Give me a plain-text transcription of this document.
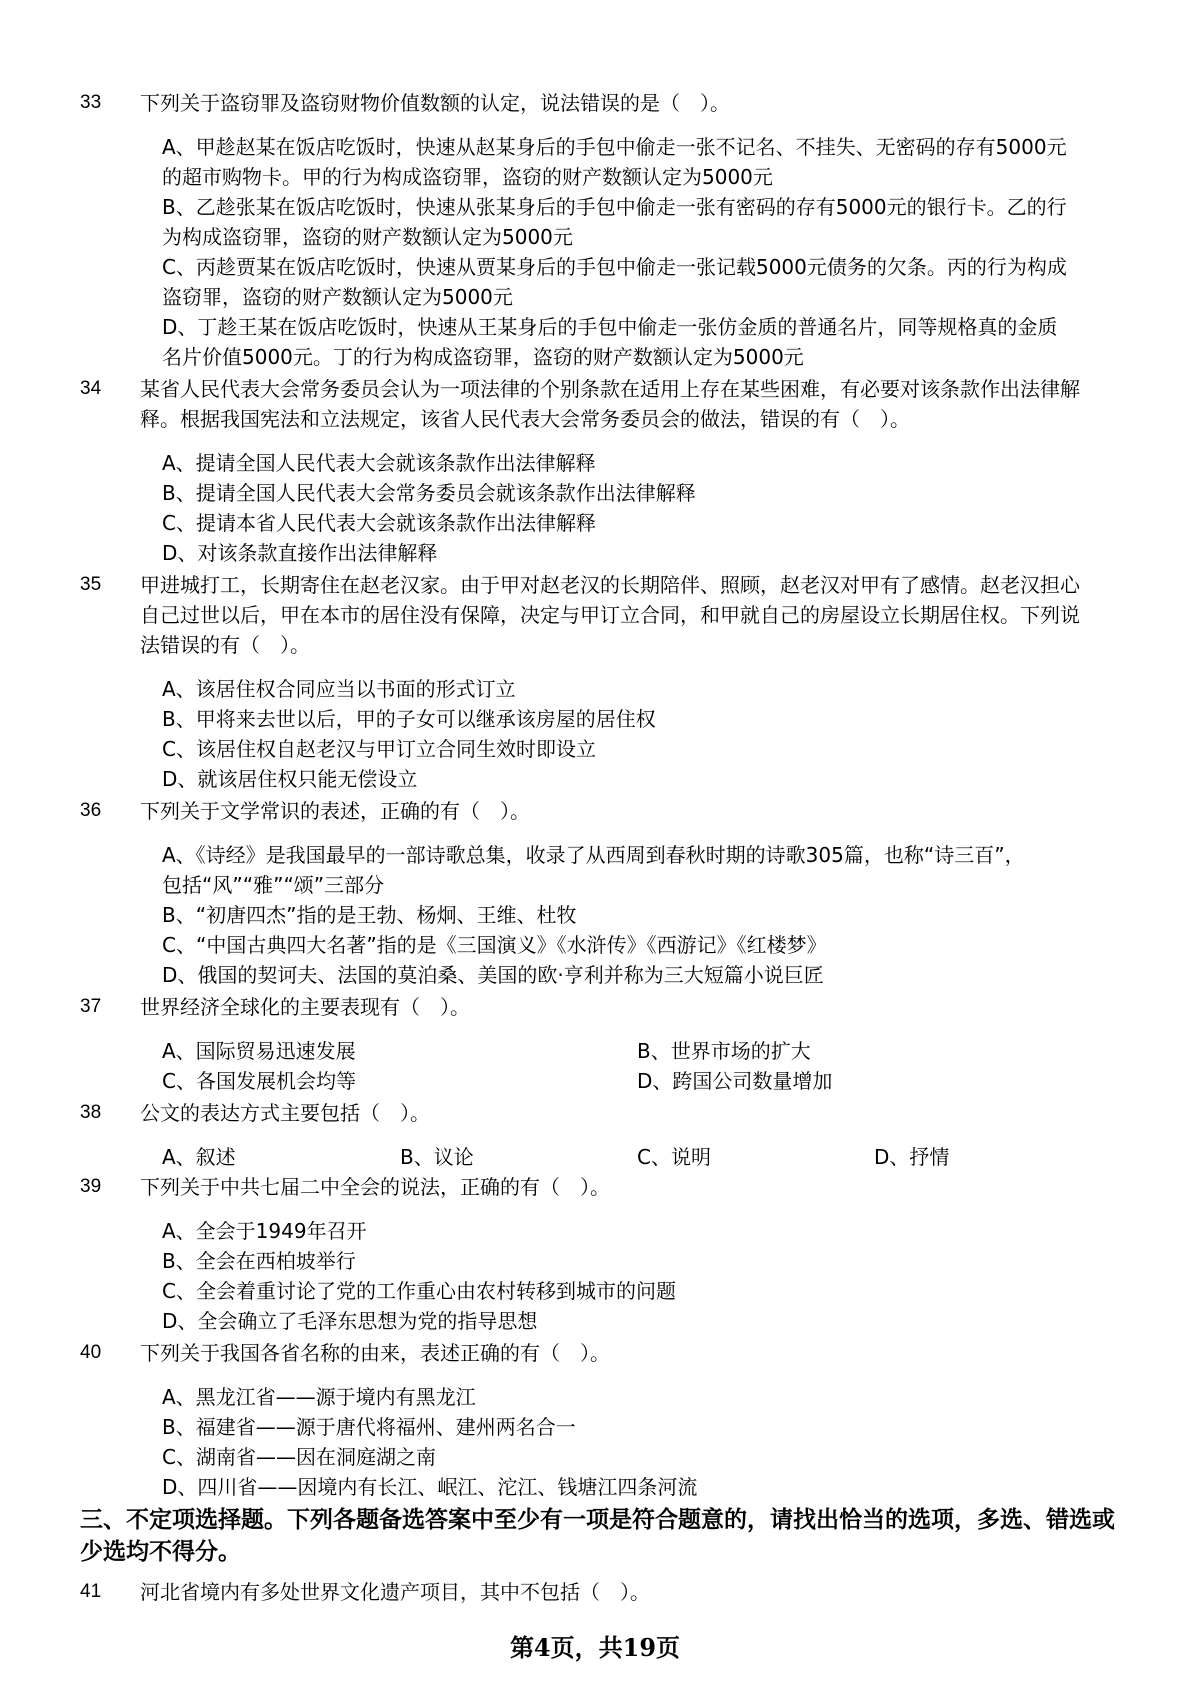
33 下列关于盗窃罪及盗窃财物价值数额的认定，说法错误的是（　）。
A、甲趁赵某在饭店吃饭时，快速从赵某身后的手包中偷走一张不记名、不挂失、无密码的存有5000元的超市购物卡。甲的行为构成盗窃罪，盗窃的财产数额认定为5000元
B、乙趁张某在饭店吃饭时，快速从张某身后的手包中偷走一张有密码的存有5000元的银行卡。乙的行为构成盗窃罪，盗窃的财产数额认定为5000元
C、丙趁贾某在饭店吃饭时，快速从贾某身后的手包中偷走一张记载5000元债务的欠条。丙的行为构成盗窃罪，盗窃的财产数额认定为5000元
D、丁趁王某在饭店吃饭时，快速从王某身后的手包中偷走一张仿金质的普通名片，同等规格真的金质名片价值5000元。丁的行为构成盗窃罪，盗窃的财产数额认定为5000元
34 某省人民代表大会常务委员会认为一项法律的个别条款在适用上存在某些困难，有必要对该条款作出法律解释。根据我国宪法和立法规定，该省人民代表大会常务委员会的做法，错误的有（　）。
A、提请全国人民代表大会就该条款作出法律解释
B、提请全国人民代表大会常务委员会就该条款作出法律解释
C、提请本省人民代表大会就该条款作出法律解释
D、对该条款直接作出法律解释
35 甲进城打工，长期寄住在赵老汉家。由于甲对赵老汉的长期陪伴、照顾，赵老汉对甲有了感情。赵老汉担心自己过世以后，甲在本市的居住没有保障，决定与甲订立合同，和甲就自己的房屋设立长期居住权。下列说法错误的有（　）。
A、该居住权合同应当以书面的形式订立
B、甲将来去世以后，甲的子女可以继承该房屋的居住权
C、该居住权自赵老汉与甲订立合同生效时即设立
D、就该居住权只能无偿设立
36 下列关于文学常识的表述，正确的有（　）。
A、《诗经》是我国最早的一部诗歌总集，收录了从西周到春秋时期的诗歌305篇，也称“诗三百”，包括“风”“雅”“颂”三部分
B、“初唐四杰”指的是王勃、杨炯、王维、杜牧
C、“中国古典四大名著”指的是《三国演义》《水浒传》《西游记》《红楼梦》
D、俄国的契诃夫、法国的莫泊桑、美国的欧·亨利并称为三大短篇小说巨匠
37 世界经济全球化的主要表现有（　）。
A、国际贸易迅速发展	B、世界市场的扩大
C、各国发展机会均等	D、跨国公司数量增加
38 公文的表达方式主要包括（　）。
A、叙述	B、议论	C、说明	D、抒情
39 下列关于中共七届二中全会的说法，正确的有（　）。
A、全会于1949年召开
B、全会在西柏坡举行
C、全会着重讨论了党的工作重心由农村转移到城市的问题
D、全会确立了毛泽东思想为党的指导思想
40 下列关于我国各省名称的由来，表述正确的有（　）。
A、黑龙江省——源于境内有黑龙江
B、福建省——源于唐代将福州、建州两名合一
C、湖南省——因在洞庭湖之南
D、四川省——因境内有长江、岷江、沱江、钱塘江四条河流
三、不定项选择题。下列各题备选答案中至少有一项是符合题意的，请找出恰当的选项，多选、错选或少选均不得分。
41 河北省境内有多处世界文化遗产项目，其中不包括（　）。
第4页，共19页
